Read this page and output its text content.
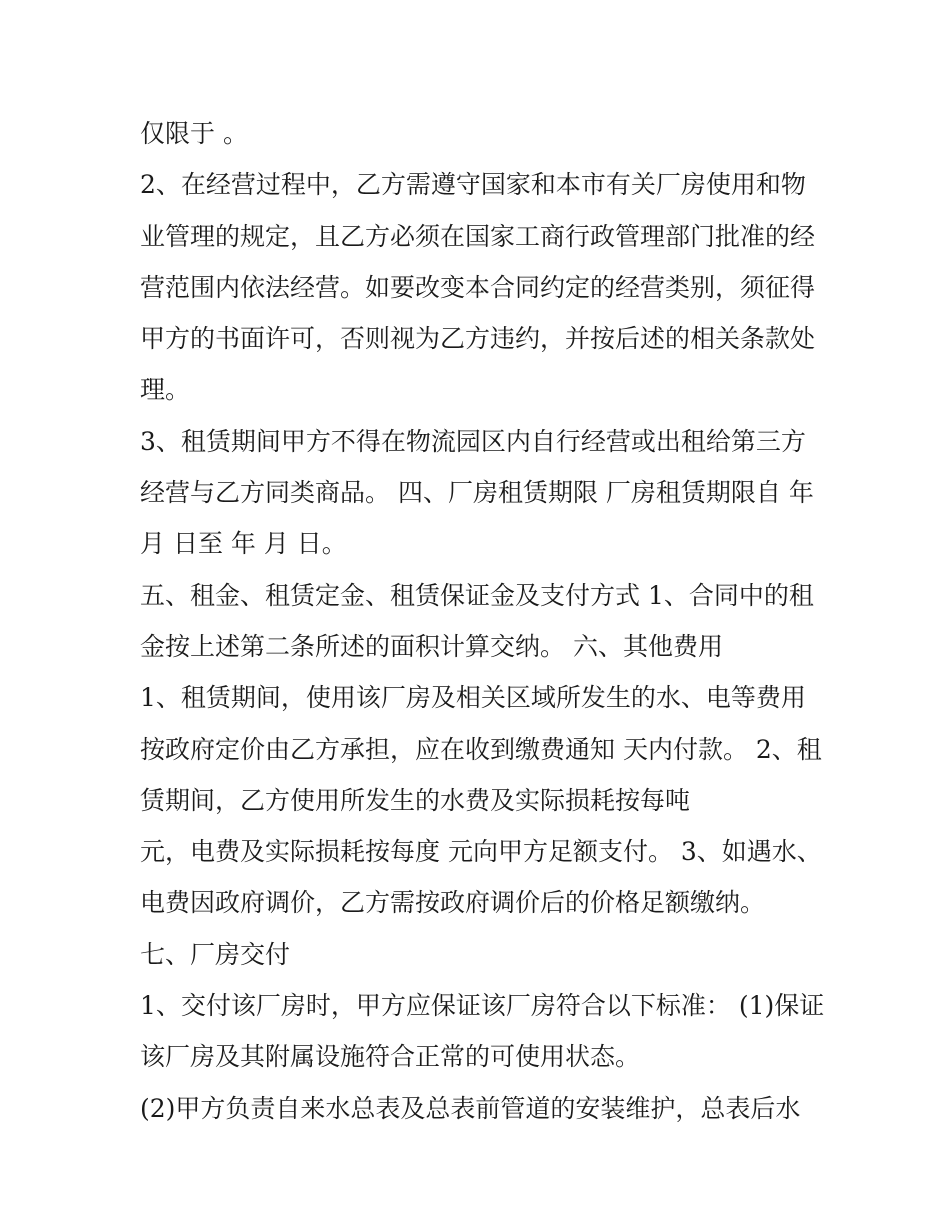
仅限于 。
2、在经营过程中，乙方需遵守国家和本市有关厂房使用和物
业管理的规定，且乙方必须在国家工商行政管理部门批准的经
营范围内依法经营。如要改变本合同约定的经营类别，须征得
甲方的书面许可，否则视为乙方违约，并按后述的相关条款处
理。
3、租赁期间甲方不得在物流园区内自行经营或出租给第三方
经营与乙方同类商品。 四、厂房租赁期限 厂房租赁期限自 年
月 日至 年 月 日。
五、租金、租赁定金、租赁保证金及支付方式 1、合同中的租
金按上述第二条所述的面积计算交纳。 六、其他费用
1、租赁期间，使用该厂房及相关区域所发生的水、电等费用
按政府定价由乙方承担，应在收到缴费通知 天内付款。 2、租
赁期间，乙方使用所发生的水费及实际损耗按每吨
元，电费及实际损耗按每度 元向甲方足额支付。 3、如遇水、
电费因政府调价，乙方需按政府调价后的价格足额缴纳。
七、厂房交付
1、交付该厂房时，甲方应保证该厂房符合以下标准： (1)保证
该厂房及其附属设施符合正常的可使用状态。
(2)甲方负责自来水总表及总表前管道的安装维护，总表后水
